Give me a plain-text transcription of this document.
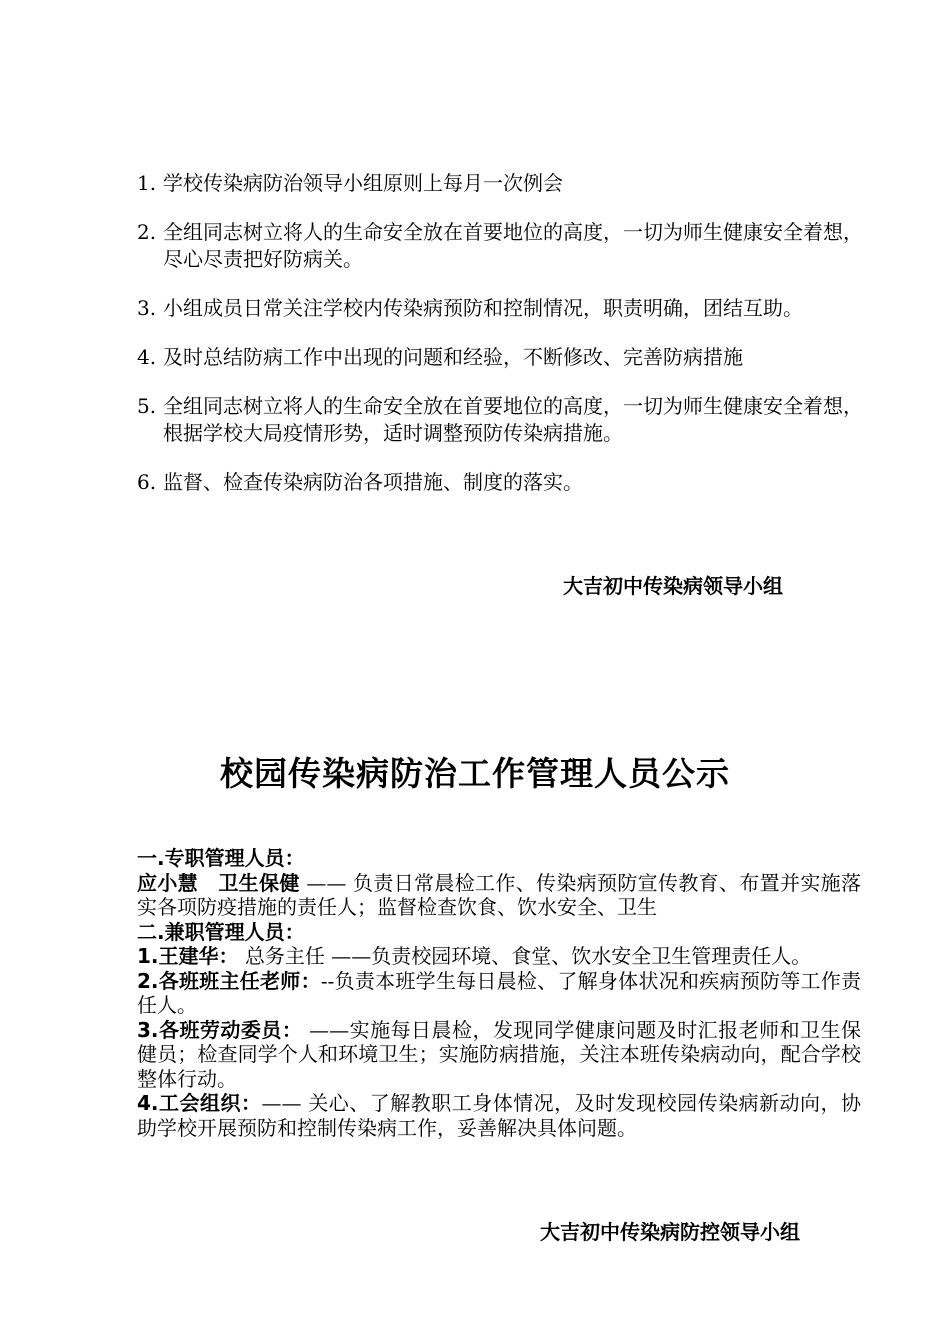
1. 学校传染病防治领导小组原则上每月一次例会
2. 全组同志树立将人的生命安全放在首要地位的高度，一切为师生健康安全着想，尽心尽责把好防病关。
3. 小组成员日常关注学校内传染病预防和控制情况，职责明确，团结互助。
4. 及时总结防病工作中出现的问题和经验，不断修改、完善防病措施
5. 全组同志树立将人的生命安全放在首要地位的高度，一切为师生健康安全着想，根据学校大局疫情形势，适时调整预防传染病措施。
6. 监督、检查传染病防治各项措施、制度的落实。
大吉初中传染病领导小组
校园传染病防治工作管理人员公示

一.专职管理人员：

应小慧　卫生保健 —— 负责日常晨检工作、传染病预防宣传教育、布置并实施落实各项防疫措施的责任人；监督检查饮食、饮水安全、卫生

二.兼职管理人员：

1.王建华： 总务主任 ——负责校园环境、食堂、饮水安全卫生管理责任人。

2.各班班主任老师：--负责本班学生每日晨检、了解身体状况和疾病预防等工作责任人。

3.各班劳动委员： ——实施每日晨检，发现同学健康问题及时汇报老师和卫生保健员；检查同学个人和环境卫生；实施防病措施，关注本班传染病动向，配合学校整体行动。

4.工会组织：—— 关心、了解教职工身体情况，及时发现校园传染病新动向，协助学校开展预防和控制传染病工作，妥善解决具体问题。

大吉初中传染病防控领导小组
